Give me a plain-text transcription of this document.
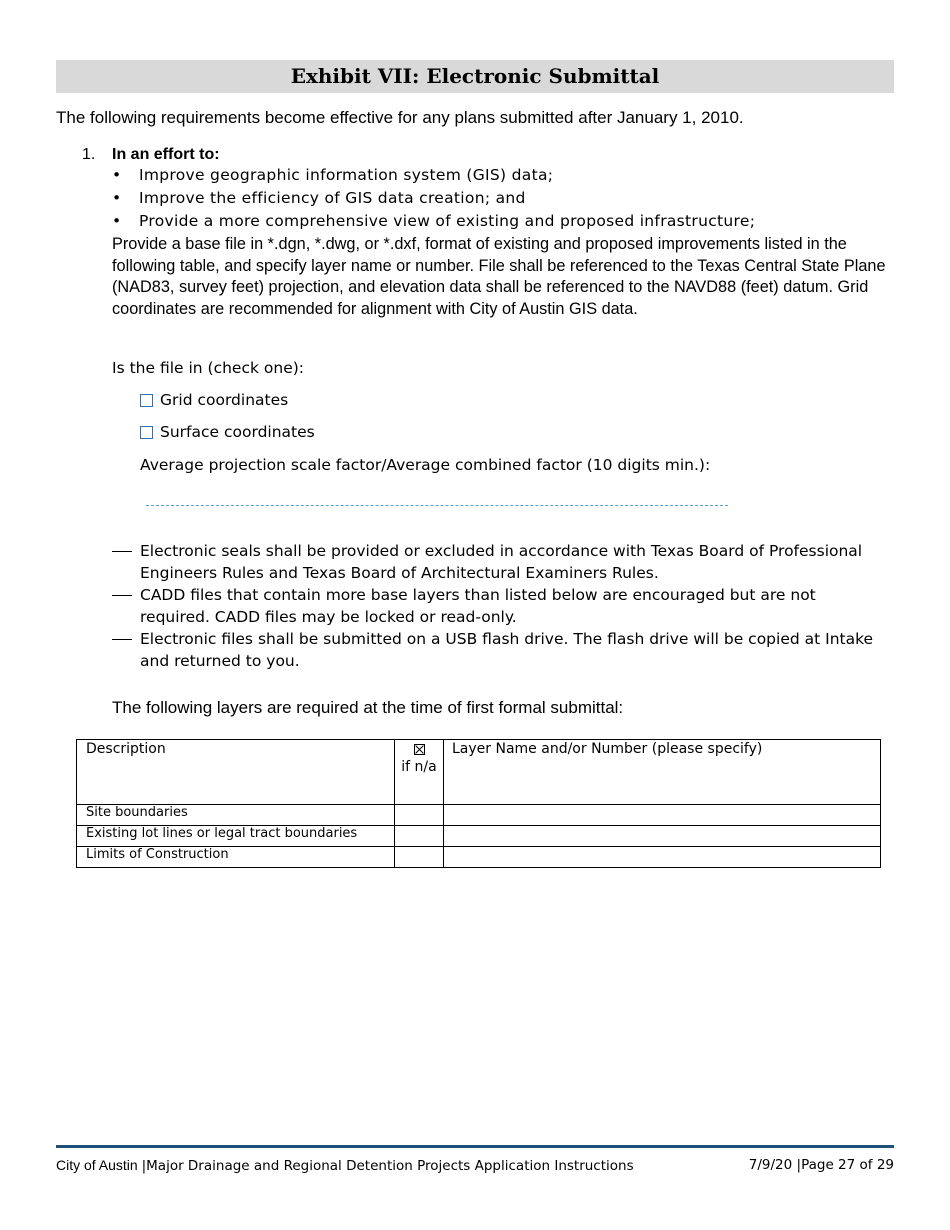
Exhibit VII: Electronic Submittal
The following requirements become effective for any plans submitted after January 1, 2010.
1. In an effort to:
• Improve geographic information system (GIS) data;
• Improve the efficiency of GIS data creation; and
• Provide a more comprehensive view of existing and proposed infrastructure;
Provide a base file in *.dgn, *.dwg, or *.dxf, format of existing and proposed improvements listed in the following table, and specify layer name or number. File shall be referenced to the Texas Central State Plane (NAD83, survey feet) projection, and elevation data shall be referenced to the NAVD88 (feet) datum. Grid coordinates are recommended for alignment with City of Austin GIS data.
Is the file in (check one):
Grid coordinates
Surface coordinates
Average projection scale factor/Average combined factor (10 digits min.):
Electronic seals shall be provided or excluded in accordance with Texas Board of Professional Engineers Rules and Texas Board of Architectural Examiners Rules.
CADD files that contain more base layers than listed below are encouraged but are not required. CADD files may be locked or read-only.
Electronic files shall be submitted on a USB flash drive. The flash drive will be copied at Intake and returned to you.
The following layers are required at the time of first formal submittal:
Description	if n/a	Layer Name and/or Number (please specify)
Site boundaries		
Existing lot lines or legal tract boundaries		
Limits of Construction		
City of Austin |Major Drainage and Regional Detention Projects Application Instructions	7/9/20 |Page 27 of 29
